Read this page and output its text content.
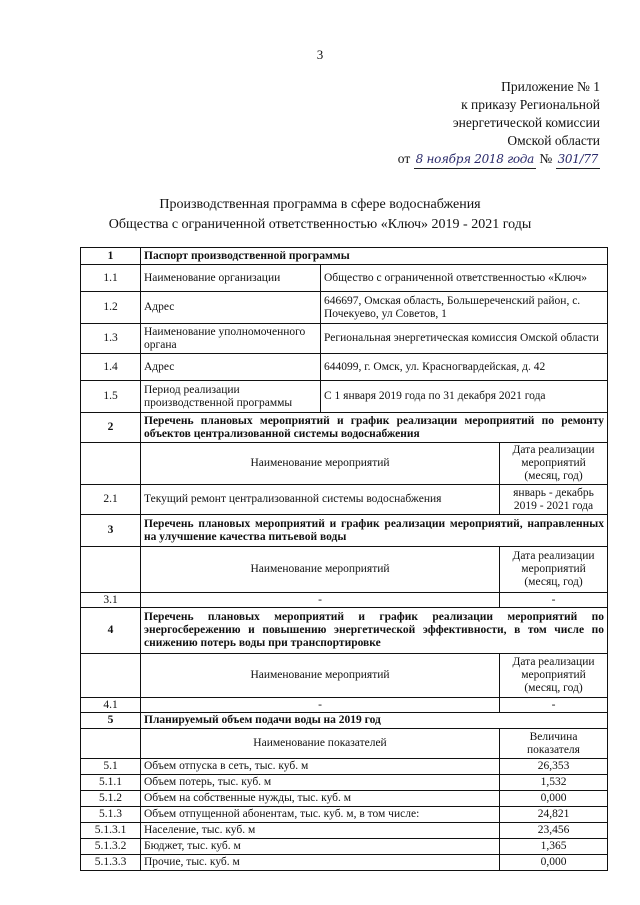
3
Приложение № 1
к приказу Региональной
энергетической комиссии
Омской области
от 8 ноября 2018 года № 301/77
Производственная программа в сфере водоснабжения
Общества с ограниченной ответственностью «Ключ» 2019 - 2021 годы
1	Паспорт производственной программы		
1.1	Наименование организации	Общество с ограниченной ответственностью «Ключ»	
1.2	Адрес	646697, Омская область, Большереченский район, с. Почекуево, ул Советов, 1	
1.3	Наименование уполномоченного органа	Региональная энергетическая комиссия Омской области	
1.4	Адрес	644099, г. Омск, ул. Красногвардейская, д. 42	
1.5	Период реализации производственной программы	С 1 января 2019 года по 31 декабря 2021 года	
2	Перечень плановых мероприятий и график реализации мероприятий по ремонту объектов централизованной системы водоснабжения		
	Наименование мероприятий		Дата реализации мероприятий (месяц, год)
2.1	Текущий ремонт централизованной системы водоснабжения		январь - декабрь 2019 - 2021 года
3	Перечень плановых мероприятий и график реализации мероприятий, направленных на улучшение качества питьевой воды		
	Наименование мероприятий		Дата реализации мероприятий (месяц, год)
3.1	-		-
4	Перечень плановых мероприятий и график реализации мероприятий по энергосбережению и повышению энергетической эффективности, в том числе по снижению потерь воды при транспортировке		
	Наименование мероприятий		Дата реализации мероприятий (месяц, год)
4.1	-		-
5	Планируемый объем подачи воды на 2019 год		
	Наименование показателей		Величина показателя
5.1	Объем отпуска в сеть, тыс. куб. м		26,353
5.1.1	Объем потерь, тыс. куб. м		1,532
5.1.2	Объем на собственные нужды, тыс. куб. м		0,000
5.1.3	Объем отпущенной абонентам, тыс. куб. м, в том числе:		24,821
5.1.3.1	Население, тыс. куб. м		23,456
5.1.3.2	Бюджет, тыс. куб. м		1,365
5.1.3.3	Прочие, тыс. куб. м		0,000
